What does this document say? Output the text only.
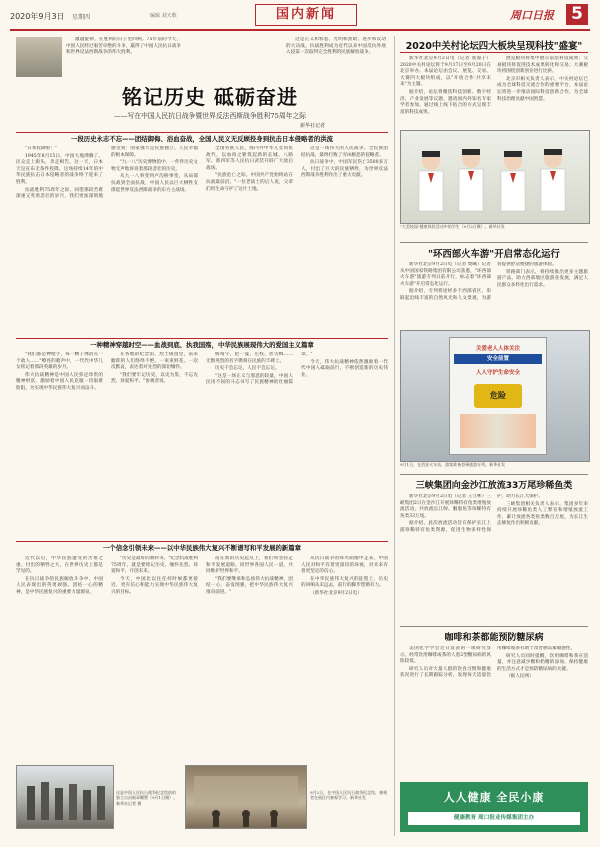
2020年9月3日 星期四	编辑 刘天歌	国内新闻	周口日报 5

激越旋律，在胜利的日子里回响。75年前的今天，中国人民经过艰苦卓绝的斗争，赢得了中国人民抗日战争和世界反法西斯战争的伟大胜利。

这是正义和邪恶、光明和黑暗、进步和反动的大决战。抗战胜利成为近代以来中国反抗外敌入侵第一次取得完全胜利的民族解放战争。

铭记历史 砥砺奋进
——写在中国人民抗日战争暨世界反法西斯战争胜利75周年之际
新华社记者
一段历史永志不忘——团结御侮、浴血奋战，全国人民义无反顾投身到抗击日本侵略者的洪流

"日本投降啦！"

1945年8月15日，中国大地沸腾了。民众走上街头，奔走相告。这一天，日本天皇宣布无条件投降，这场持续14年的中华民族抗击日本侵略者的战争终于迎来了胜利。

抗战胜利75周年之际，回望那段苦难深重又英勇悲壮的岁月，我们更加深刻地感受到：国家强大是民族独立、人民幸福的根本保障。

"九一八"历史博物馆中，一件件历史文物无声地诉说着那段悲壮的历史。

从九一八事变到卢沟桥事变，从局部抗战到全面抗战，中国人民以巨大牺牲支撑起世界反法西斯战争的东方主战场。

全国各族人民，海内外中华儿女同仇敌忾，以血肉之躯筑起新的长城。八路军、新四军等人民抗日武装开辟广大敌后战场。

"民族危亡之际，中国共产党始终站在抗战最前沿。"一位老战士的后人说，父辈们用生命守护了这片土地。

这是一场伟大的人民战争。全民族团结抗战，最终打败了穷凶极恶的侵略者。

抗日战争中，中国军民伤亡3500多万人，付出了巨大的民族牺牲，为世界反法西斯战争胜利作出了重大贡献。

一种精神穿越时空——血战到底、执我国殇，中华民族展现伟大的爱国主义篇章

"我们都是神枪手，每一颗子弹消灭一个敌人……"嘹亮的歌声中，一代代中华儿女铭记着那段英雄的岁月。

伟大抗战精神是中国人民弥足珍贵的精神财富，激励着中国人民克服一切艰难险阻、为实现中华民族伟大复兴而奋斗。

在各地的纪念馆、烈士陵园里，前来瞻仰的人们络绎不绝。一束束鲜花、一次次默哀，表达着对先烈的深切缅怀。

"我们要牢记历史，以史为鉴，不忘先烈，珍爱和平。"参观者说。

杨靖宇、赵一曼、左权、彭雪枫……无数英烈的名字镌刻在民族的丰碑上。

历史不会忘记，人民不会忘记。

"这是一场正义与邪恶的较量，中国人民用不屈的斗志书写了民族精神的壮丽篇章。"

今天，伟大抗战精神依然激励着一代代中国人砥砺前行，不断创造新的历史伟业。

一个信念引领未来——以中华民族伟大复兴不断谱写和平发展的新篇章

近代以后，中华民族遭受的苦难之重、付出的牺牲之大，在世界历史上都是罕见的。

在抗日战争的民族解放斗争中，中国人民表现出的英勇顽强、团结一心的精神，是中华民族复兴的重要力量源泉。

"历史是最好的教科书。"纪念抗战胜利75周年，就是要铭记历史、缅怀先烈、珍爱和平、开创未来。

今天，中国比以往任何时候都更接近、更有信心和能力实现中华民族伟大复兴的目标。

站在新的历史起点上，我们将坚持走和平发展道路，同世界各国人民一道，共同维护世界和平。

"我们要继承和弘扬伟大抗战精神，团结一心、奋发图强，把中华民族伟大复兴推向前进。"

从抗日战争的烽火硝烟中走来，中国人民对和平有着更深切的珍视，对未来有着更坚定的信心。

在中华民族伟大复兴的征程上，历史的回响从未远去，前行的脚步铿锵有力。

（新华社北京9月2日电）

这是中国人民抗日战争纪念馆前的独立自由勋章雕塑（9月1日摄）。新华社记者 摄
9月2日，在中国人民抗日战争纪念馆，参观者在展区内参观学习。新华社发
2020中关村论坛四大板块呈现科技"盛宴"

新华社北京9月2日电（记者 张漫子）2020中关村论坛将于9月17日至9月20日在北京举办。本届论坛由会议、展览、交易、大赛四大板块组成，以"开放合作·共享未来"为主题。

据介绍，论坛将聚焦科技创新、数字经济、产业发展等议题，邀请国内外知名专家学者参加，通过线上线下结合的方式呈现丰富的科技成果。

展览板块将集中展示前沿科技成果；交易板块将促进技术成果转化和交易；大赛板块将围绕创新创业进行比拼。

北京市相关负责人表示，中关村论坛已成为全球科技交流合作的重要平台，本届论坛将进一步推动国际科技创新合作，为全球科技治理贡献中国智慧。

"大美校园"健康体验活动中的学生（9月2日摄）。新华社发
"环西部火车游"开启常态化运行

新华社北京9月2日电（记者 樊曦）记者从中国国家铁路集团有限公司获悉，"环西部火车游"旅游专列日前开行，标志着"环西部火车游"开启常态化运行。

据介绍，专列将途经多个西部省区，串联起沿线丰富的自然风光和人文景观，为游客提供舒适便捷的旅游体验。

铁路部门表示，将持续推出更多主题旅游产品，助力西部地区旅游业发展，满足人民群众多样化出行需求。

关爱老人人体关注
安全前置
人人守护生命安全
危险
9月1日，在西安火车站，游客准备登乘旅游专列。新华社发
三峡集团向金沙江放流33万尾珍稀鱼类

新华社北京9月2日电（记者 王立彬）三峡集团2日在金沙江开展珍稀特有鱼类增殖放流活动，共放流长江鲟、胭脂鱼等珍稀特有鱼类33万尾。

据介绍，此次放流活动旨在保护长江上游珍稀特有鱼类资源，促进生物多样性保护，助力长江大保护。

三峡集团相关负责人表示，集团多年来持续开展珍稀鱼类人工繁育和增殖放流工作，累计放流各类鱼类数百万尾，为长江生态修复作出积极贡献。

咖啡和茶都能预防糖尿病

美国化学学会近日发表的一项研究显示，经常饮用咖啡或茶的人患2型糖尿病的风险较低。

研究人员对大量人群的饮食习惯和健康状况进行了长期跟踪分析，发现每天适量饮用咖啡或茶有助于改善胰岛素敏感性。

研究人员同时提醒，饮用咖啡和茶应适量，并注意减少糖和奶精的添加，保持健康的生活方式才是预防糖尿病的关键。

（据人民网）

人人健康 全民小康
健康教育 周口报业传媒集团主办
